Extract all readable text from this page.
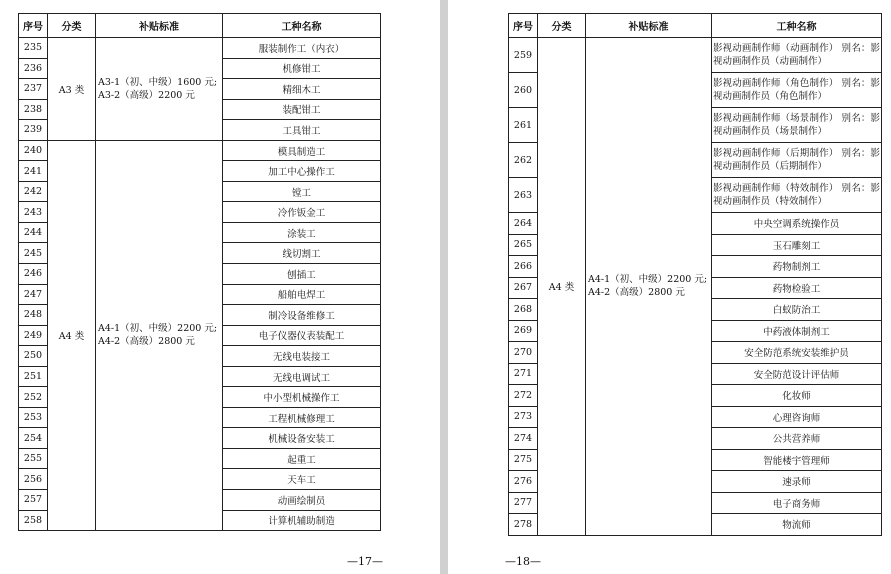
序号	分类	补贴标准	工种名称
235	A3 类	A3-1（初、中级）1600 元;
A3-2（高级）2200 元	服装制作工（内衣）
236			机修钳工
237			精细木工
238			装配钳工
239			工具钳工
240	A4 类	A4-1（初、中级）2200 元;
A4-2（高级）2800 元	模具制造工
241			加工中心操作工
242			镗工
243			冷作钣金工
244			涂装工
245			线切割工
246			刨插工
247			船舶电焊工
248			制冷设备维修工
249			电子仪器仪表装配工
250			无线电装接工
251			无线电调试工
252			中小型机械操作工
253			工程机械修理工
254			机械设备安装工
255			起重工
256			天车工
257			动画绘制员
258			计算机辅助制造
—17—
序号	分类	补贴标准	工种名称
259	A4 类	A4-1（初、中级）2200 元;
A4-2（高级）2800 元	影视动画制作师（动画制作） 别名：影视动画制作员（动画制作）
260			影视动画制作师（角色制作） 别名：影视动画制作员（角色制作）
261			影视动画制作师（场景制作） 别名：影视动画制作员（场景制作）
262			影视动画制作师（后期制作） 别名：影视动画制作员（后期制作）
263			影视动画制作师（特效制作） 别名：影视动画制作员（特效制作）
264			中央空调系统操作员
265			玉石雕刻工
266			药物制剂工
267			药物检验工
268			白蚁防治工
269			中药液体制剂工
270			安全防范系统安装维护员
271			安全防范设计评估师
272			化妆师
273			心理咨询师
274			公共营养师
275			智能楼宇管理师
276			速录师
277			电子商务师
278			物流师
—18—
